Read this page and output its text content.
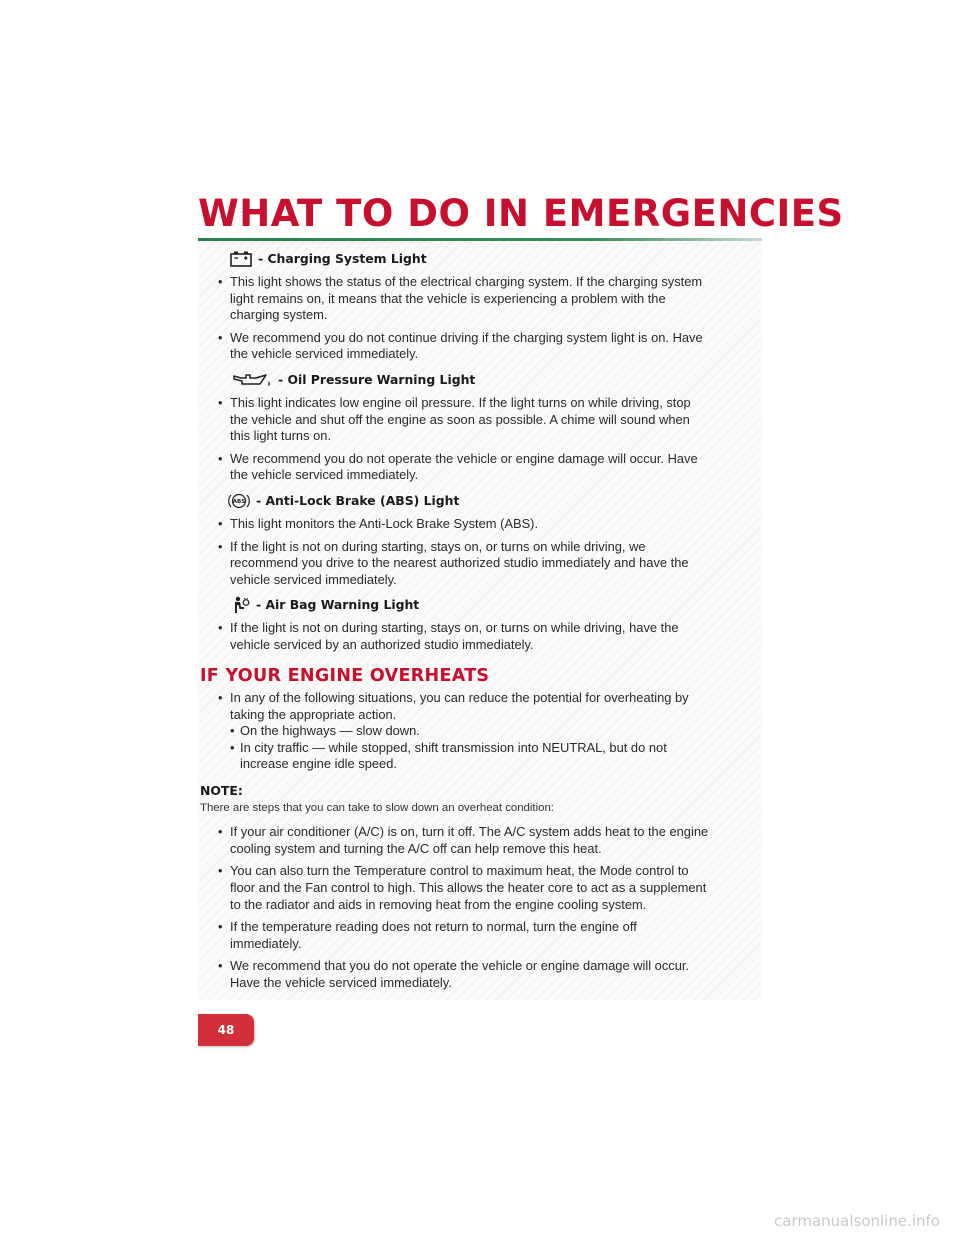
WHAT TO DO IN EMERGENCIES
- Charging System Light

• This light shows the status of the electrical charging system. If the charging system light remains on, it means that the vehicle is experiencing a problem with the charging system.

• We recommend you do not continue driving if the charging system light is on. Have the vehicle serviced immediately.

- Oil Pressure Warning Light

• This light indicates low engine oil pressure. If the light turns on while driving, stop the vehicle and shut off the engine as soon as possible. A chime will sound when this light turns on.

• We recommend you do not operate the vehicle or engine damage will occur. Have the vehicle serviced immediately.

ABS - Anti-Lock Brake (ABS) Light

• This light monitors the Anti-Lock Brake System (ABS).

• If the light is not on during starting, stays on, or turns on while driving, we recommend you drive to the nearest authorized studio immediately and have the vehicle serviced immediately.

- Air Bag Warning Light

• If the light is not on during starting, stays on, or turns on while driving, have the vehicle serviced by an authorized studio immediately.

IF YOUR ENGINE OVERHEATS

• In any of the following situations, you can reduce the potential for overheating by taking the appropriate action.

• On the highways — slow down.

• In city traffic — while stopped, shift transmission into NEUTRAL, but do not increase engine idle speed.

NOTE:

There are steps that you can take to slow down an overheat condition:

• If your air conditioner (A/C) is on, turn it off. The A/C system adds heat to the engine cooling system and turning the A/C off can help remove this heat.

• You can also turn the Temperature control to maximum heat, the Mode control to floor and the Fan control to high. This allows the heater core to act as a supplement to the radiator and aids in removing heat from the engine cooling system.

• If the temperature reading does not return to normal, turn the engine off immediately.

• We recommend that you do not operate the vehicle or engine damage will occur. Have the vehicle serviced immediately.

48
carmanualsonline.info
